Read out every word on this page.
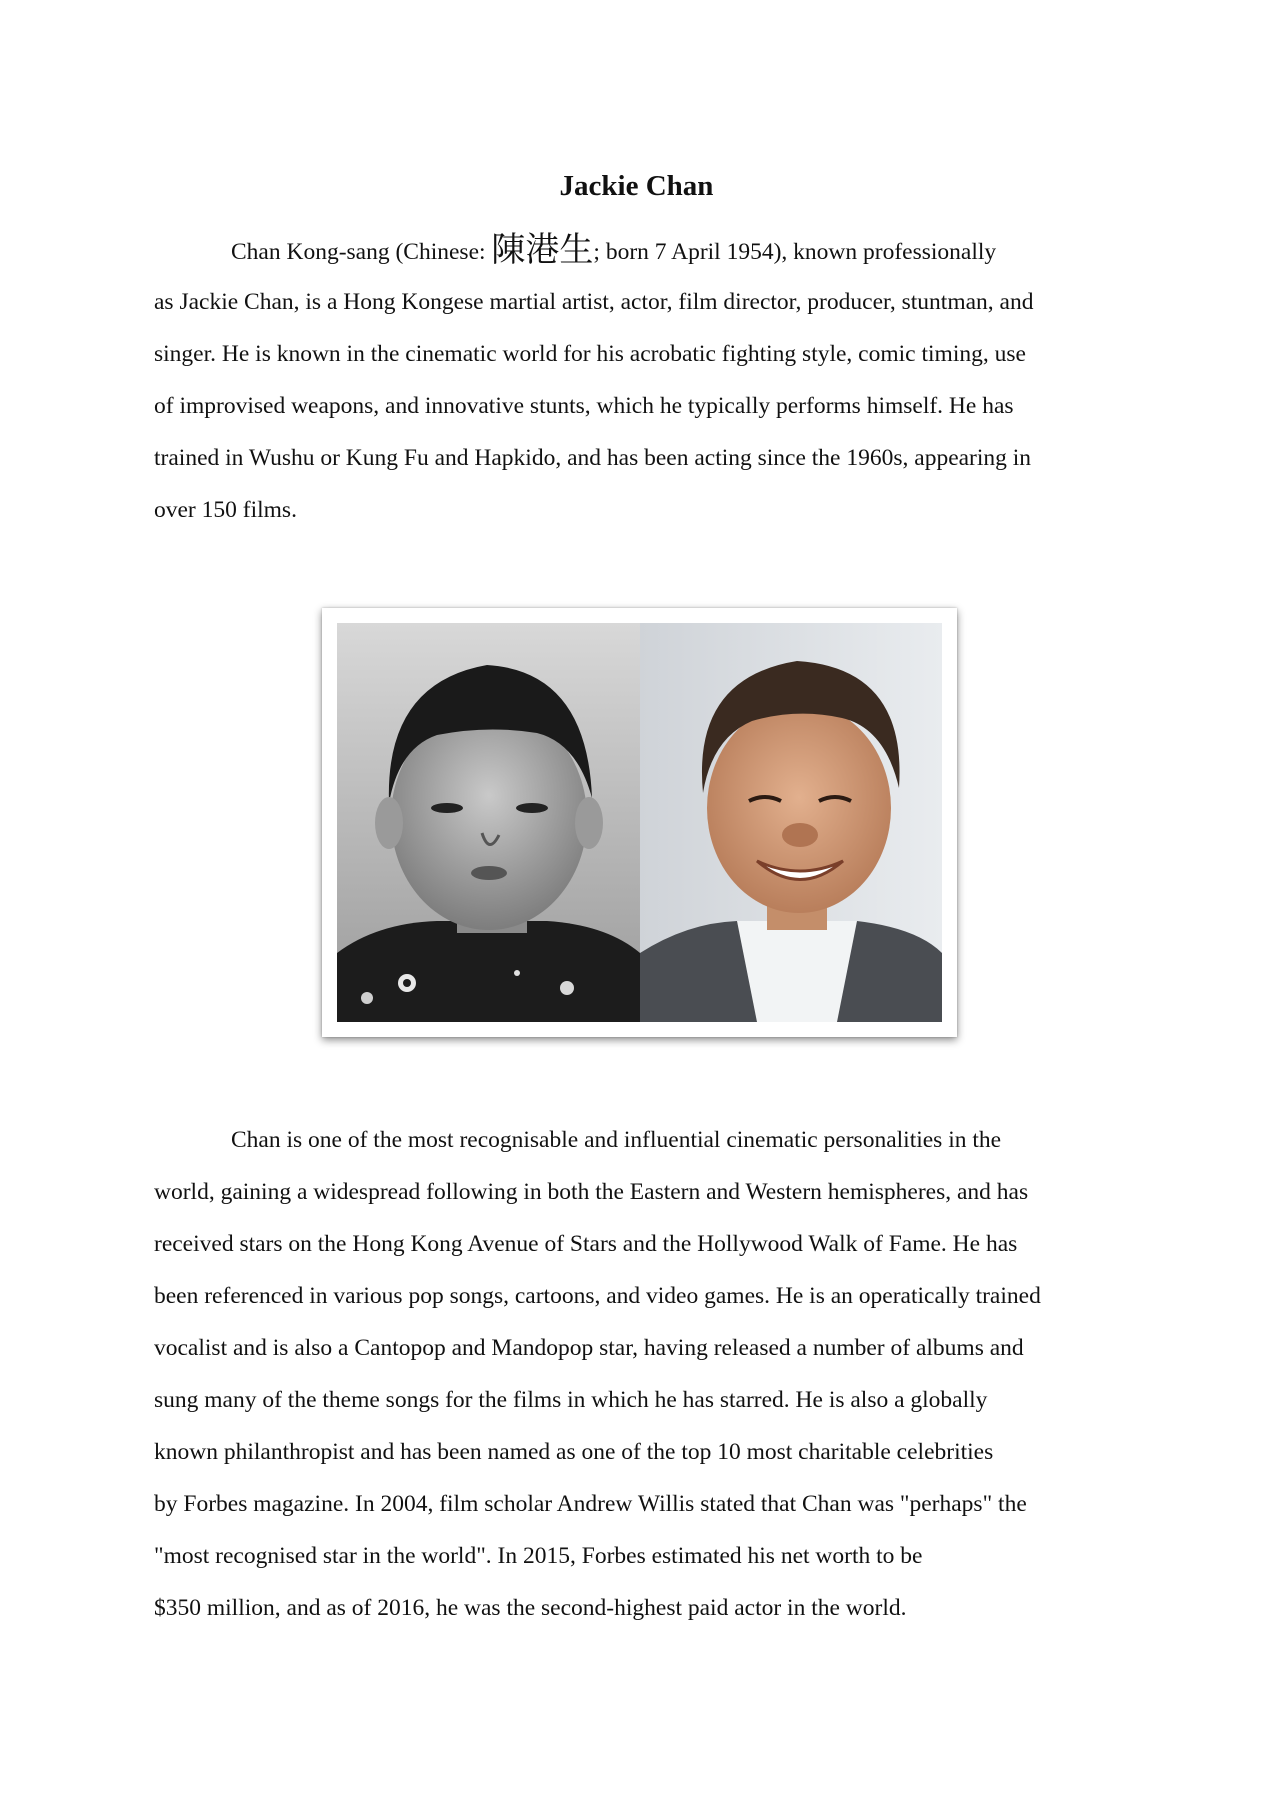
Jackie Chan
Chan Kong-sang (Chinese: 陳港生; born 7 April 1954), known professionally
as Jackie Chan, is a Hong Kongese martial artist, actor, film director, producer, stuntman, and
singer. He is known in the cinematic world for his acrobatic fighting style, comic timing, use
of improvised weapons, and innovative stunts, which he typically performs himself. He has
trained in Wushu or Kung Fu and Hapkido, and has been acting since the 1960s, appearing in
over 150 films.
Chan is one of the most recognisable and influential cinematic personalities in the
world, gaining a widespread following in both the Eastern and Western hemispheres, and has
received stars on the Hong Kong Avenue of Stars and the Hollywood Walk of Fame. He has
been referenced in various pop songs, cartoons, and video games. He is an operatically trained
vocalist and is also a Cantopop and Mandopop star, having released a number of albums and
sung many of the theme songs for the films in which he has starred. He is also a globally
known philanthropist and has been named as one of the top 10 most charitable celebrities
by Forbes magazine. In 2004, film scholar Andrew Willis stated that Chan was "perhaps" the
"most recognised star in the world". In 2015, Forbes estimated his net worth to be
$350 million, and as of 2016, he was the second-highest paid actor in the world.
